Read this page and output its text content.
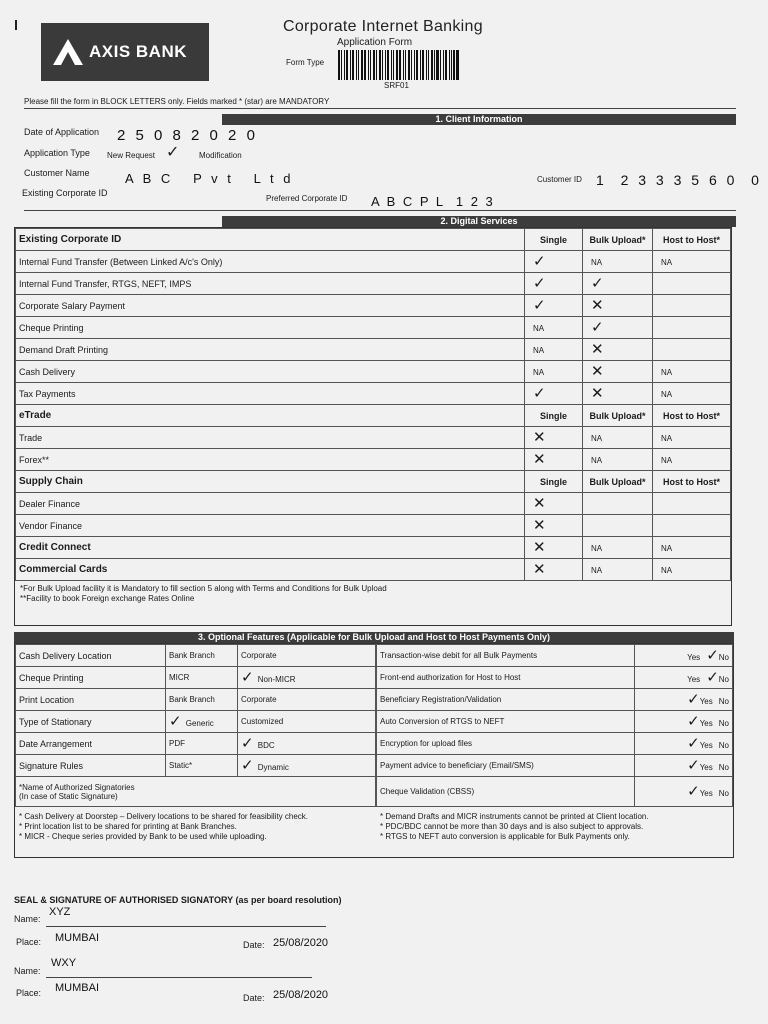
AXIS BANK
Corporate Internet Banking
Application Form
Form Type
SRF01
Please fill the form in BLOCK LETTERS only. Fields marked * (star) are MANDATORY
1. Client Information
Date of Application 2 5 0 8 2 0 2 0
Application Type New Request ✓ Modification
Customer Name	A B C   P v t   L t d	Customer ID 1  2 3 3 3 5 6 0  0
Existing Corporate ID
Preferred Corporate ID A B C P L  1 2 3
2. Digital Services
Existing Corporate ID	Single	Bulk Upload*	Host to Host*
Internal Fund Transfer (Between Linked A/c's Only)	✓	NA	NA
Internal Fund Transfer, RTGS, NEFT, IMPS	✓	✓	
Corporate Salary Payment	✓	✕	
Cheque Printing	NA	✓	
Demand Draft Printing	NA	✕	
Cash Delivery	NA	✕	NA
Tax Payments	✓	✕	NA
eTrade	Single	Bulk Upload*	Host to Host*
Trade	✕	NA	NA
Forex**	✕	NA	NA
Supply Chain	Single	Bulk Upload*	Host to Host*
Dealer Finance	✕		
Vendor Finance	✕		
Credit Connect	✕	NA	NA
Commercial Cards	✕	NA	NA
*For Bulk Upload facility it is Mandatory to fill section 5 along with Terms and Conditions for Bulk Upload
**Facility to book Foreign exchange Rates Online
3. Optional Features (Applicable for Bulk Upload and Host to Host Payments Only)
Cash Delivery Location	Bank Branch	Corporate
Cheque Printing	MICR	✓ Non-MICR
Print Location	Bank Branch	Corporate
Type of Stationary	✓ Generic	Customized
Date Arrangement	PDF	✓ BDC
Signature Rules	Static*	✓ Dynamic

*Name of Authorized Signatories
(In case of Static Signature)		
Transaction-wise debit for all Bulk Payments	Yes ✓No
Front-end authorization for Host to Host	Yes ✓No
Beneficiary Registration/Validation	✓Yes No
Auto Conversion of RTGS to NEFT	✓Yes No
Encryption for upload files	✓Yes No
Payment advice to beneficiary (Email/SMS)	✓Yes No
Cheque Validation (CBSS)	✓Yes No
* Cash Delivery at Doorstep – Delivery locations to be shared for feasibility check.
* Print location list to be shared for printing at Bank Branches.
* MICR - Cheque series provided by Bank to be used while uploading.
* Demand Drafts and MICR instruments cannot be printed at Client location.
* PDC/BDC cannot be more than 30 days and is also subject to approvals.
* RTGS to NEFT auto conversion is applicable for Bulk Payments only.
SEAL & SIGNATURE OF AUTHORISED SIGNATORY (as per board resolution)
Name:
XYZ
Place: MUMBAI
Date: 25/08/2020
Name:
WXY
Place: MUMBAI
Date: 25/08/2020
